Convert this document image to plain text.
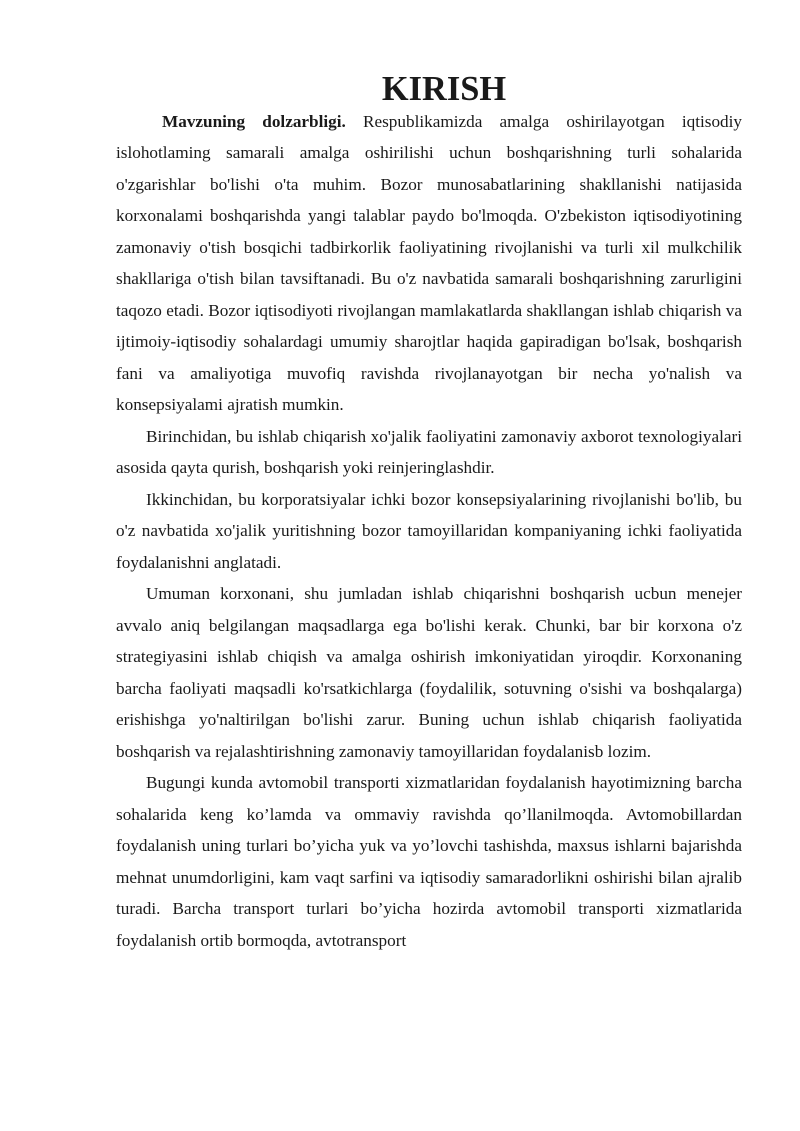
KIRISH

Mavzuning dolzarbligi. Respublikamizda amalga oshirilayotgan iqtisodiy islohotlaming samarali amalga oshirilishi uchun boshqarishning turli sohalarida o'zgarishlar bo'lishi o'ta muhim. Bozor munosabatlarining shakllanishi natijasida korxonalami boshqarishda yangi talablar paydo bo'lmoqda. O'zbekiston iqtisodiyotining zamonaviy o'tish bosqichi tadbirkorlik faoliyatining rivojlanishi va turli xil mulkchilik shakllariga o'tish bilan tavsiftanadi. Bu o'z navbatida samarali boshqarishning zarurligini taqozo etadi. Bozor iqtisodiyoti rivojlangan mamlakatlarda shakllangan ishlab chiqarish va ijtimoiy-iqtisodiy sohalardagi umumiy sharojtlar haqida gapiradigan bo'lsak, boshqarish fani va amaliyotiga muvofiq ravishda rivojlanayotgan bir necha yo'nalish va konsepsiyalami ajratish mumkin.

Birinchidan, bu ishlab chiqarish xo'jalik faoliyatini zamonaviy axborot texnologiyalari asosida qayta qurish, boshqarish yoki reinjeringlashdir.

Ikkinchidan, bu korporatsiyalar ichki bozor konsepsiyalarining rivojlanishi bo'lib, bu o'z navbatida xo'jalik yuritishning bozor tamoyillaridan kompaniyaning ichki faoliyatida foydalanishni anglatadi.

Umuman korxonani, shu jumladan ishlab chiqarishni boshqarish ucbun menejer avvalo aniq belgilangan maqsadlarga ega bo'lishi kerak. Chunki, bar bir korxona o'z strategiyasini ishlab chiqish va amalga oshirish imkoniyatidan yiroqdir. Korxonaning barcha faoliyati maqsadli ko'rsatkichlarga (foydalilik, sotuvning o'sishi va boshqalarga) erishishga yo'naltirilgan bo'lishi zarur. Buning uchun ishlab chiqarish faoliyatida boshqarish va rejalashtirishning zamonaviy tamoyillaridan foydalanisb lozim.

Bugungi kunda avtomobil transporti xizmatlaridan foydalanish hayotimizning barcha sohalarida keng ko’lamda va ommaviy ravishda qo’llanilmoqda. Avtomobillardan foydalanish uning turlari bo’yicha yuk va yo’lovchi tashishda, maxsus ishlarni bajarishda mehnat unumdorligini, kam vaqt sarfini va iqtisodiy samaradorlikni oshirishi bilan ajralib turadi. Barcha transport turlari bo’yicha hozirda avtomobil transporti xizmatlarida foydalanish ortib bormoqda, avtotransport
